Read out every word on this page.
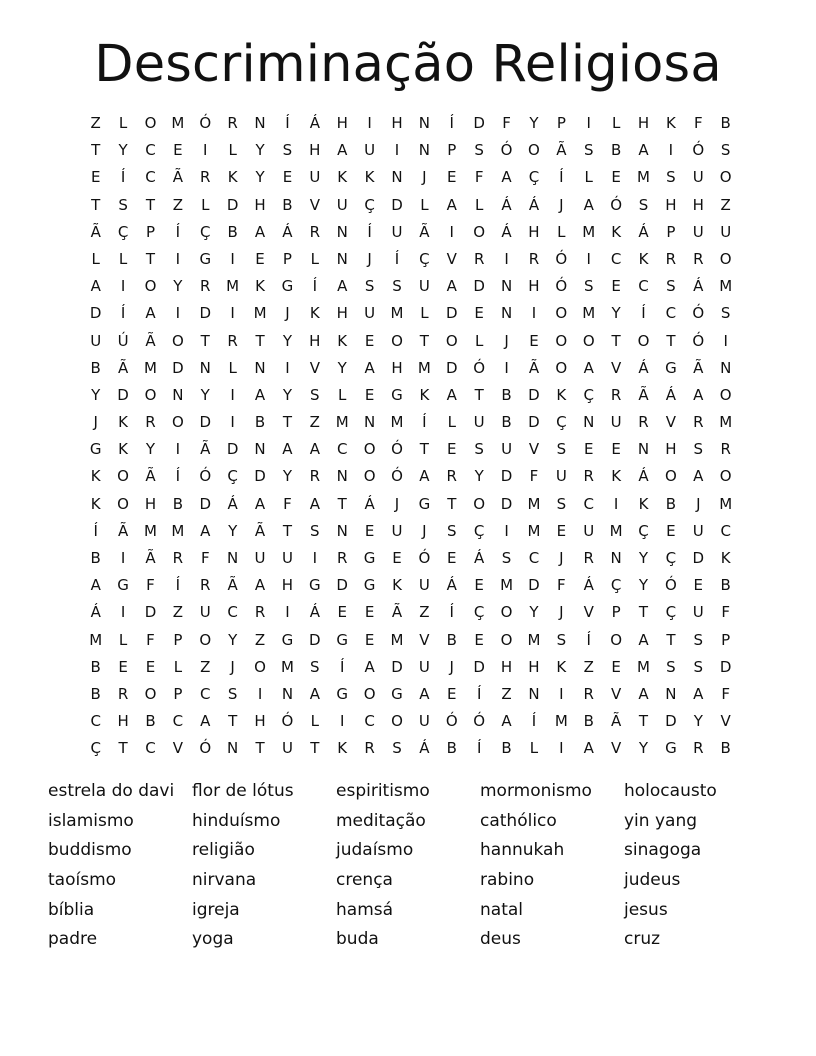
Descriminação Religiosa
Z	L	O	M	Ó	R	N	Í	Á	H	I	H	N	Í	D	F	Y	P	I	L	H	K	F	B
T	Y	C	E	I	L	Y	S	H	A	U	I	N	P	S	Ó	O	Ã	S	B	A	I	Ó	S
E	Í	C	Ã	R	K	Y	E	U	K	K	N	J	E	F	A	Ç	Í	L	E	M	S	U	O
T	S	T	Z	L	D	H	B	V	U	Ç	D	L	A	L	Á	Á	J	A	Ó	S	H	H	Z
Ã	Ç	P	Í	Ç	B	A	Á	R	N	Í	U	Ã	I	O	Á	H	L	M	K	Á	P	U	U
L	L	T	I	G	I	E	P	L	N	J	Í	Ç	V	R	I	R	Ó	I	C	K	R	R	O
A	I	O	Y	R	M	K	G	Í	A	S	S	U	A	D	N	H	Ó	S	E	C	S	Á	M
D	Í	A	I	D	I	M	J	K	H	U	M	L	D	E	N	I	O	M	Y	Í	C	Ó	S
U	Ú	Ã	O	T	R	T	Y	H	K	E	O	T	O	L	J	E	O	O	T	O	T	Ó	I
B	Ã	M	D	N	L	N	I	V	Y	A	H	M	D	Ó	I	Ã	O	A	V	Á	G	Ã	N
Y	D	O	N	Y	I	A	Y	S	L	E	G	K	A	T	B	D	K	Ç	R	Ã	Á	A	O
J	K	R	O	D	I	B	T	Z	M	N	M	Í	L	U	B	D	Ç	N	U	R	V	R	M
G	K	Y	I	Ã	D	N	A	A	C	O	Ó	T	E	S	U	V	S	E	E	N	H	S	R
K	O	Ã	Í	Ó	Ç	D	Y	R	N	O	Ó	A	R	Y	D	F	U	R	K	Á	O	A	O
K	O	H	B	D	Á	A	F	A	T	Á	J	G	T	O	D	M	S	C	I	K	B	J	M
Í	Ã	M M	A	Y	Ã	T	S	N	E	U	J	S	Ç	I	M	E	U	M	Ç	E	U	C
B	I	Ã	R	F	N	U	U	I	R	G	E	Ó	E	Á	S	C	J	R	N	Y	Ç	D	K
A	G	F	Í	R	Ã	A	H	G	D	G	K	U	Á	E	M	D	F	Á	Ç	Y	Ó	E	B
Á	I	D	Z	U	C	R	I	Á	E	E	Ã	Z	Í	Ç	O	Y	J	V	P	T	Ç	U	F
M	L	F	P	O	Y	Z	G	D	G	E	M	V	B	E	O	M	S	Í	O	A	T	S	P
B	E	E	L	Z	J	O	M	S	Í	A	D	U	J	D	H	H	K	Z	E	M	S	S	D
B	R	O	P	C	S	I	N	A	G	O	G	A	E	Í	Z	N	I	R	V	A	N	A	F
C	H	B	C	A	T	H	Ó	L	I	C	O	U	Ó	Ó	A	Í	M	B	Ã	T	D	Y	V
Ç	T	C	V	Ó	N	T	U	T	K	R	S	Á	B	Í	B	L	I	A	V	Y	G	R	B
estrela do davi	flor de lótus	espiritismo	mormonismo	holocausto
islamismo	hinduísmo	meditação	cathólico	yin yang
buddismo	religião	judaísmo	hannukah	sinagoga
taoísmo	nirvana	crença	rabino	judeus
bíblia	igreja	hamsá	natal	jesus
padre	yoga	buda	deus	cruz
